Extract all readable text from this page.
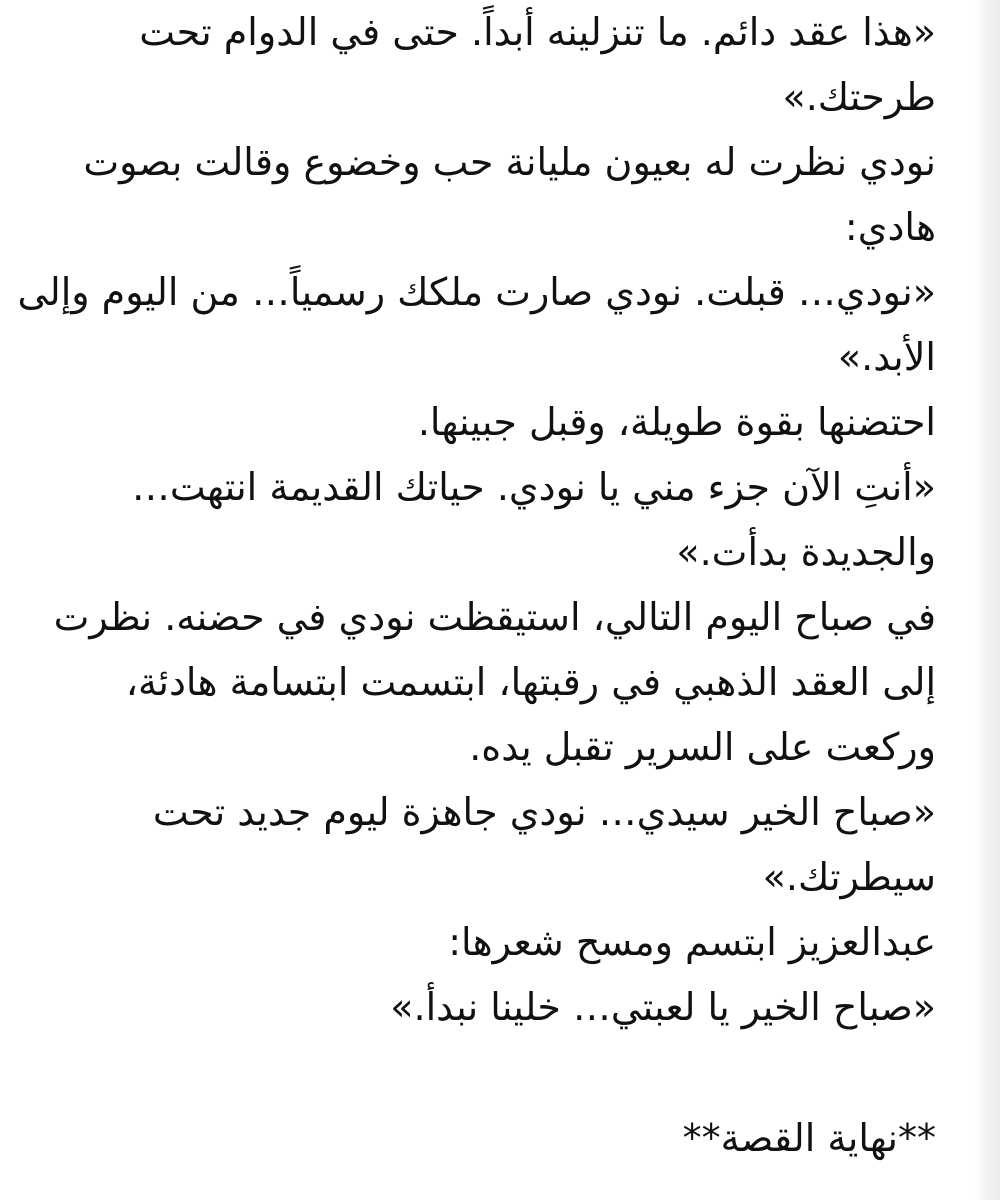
«هذا عقد دائم. ما تنزلينه أبداً. حتى في الدوام تحت
طرحتك.»
نودي نظرت له بعيون مليانة حب وخضوع وقالت بصوت
هادي:
«نودي… قبلت. نودي صارت ملكك رسمياً… من اليوم وإلى
الأبد.»
احتضنها بقوة طويلة، وقبل جبينها.
«أنتِ الآن جزء مني يا نودي. حياتك القديمة انتهت…
والجديدة بدأت.»
في صباح اليوم التالي، استيقظت نودي في حضنه. نظرت
إلى العقد الذهبي في رقبتها، ابتسمت ابتسامة هادئة،
وركعت على السرير تقبل يده.
«صباح الخير سيدي… نودي جاهزة ليوم جديد تحت
سيطرتك.»
عبدالعزيز ابتسم ومسح شعرها:
«صباح الخير يا لعبتي… خلينا نبدأ.»
**نهاية القصة**
